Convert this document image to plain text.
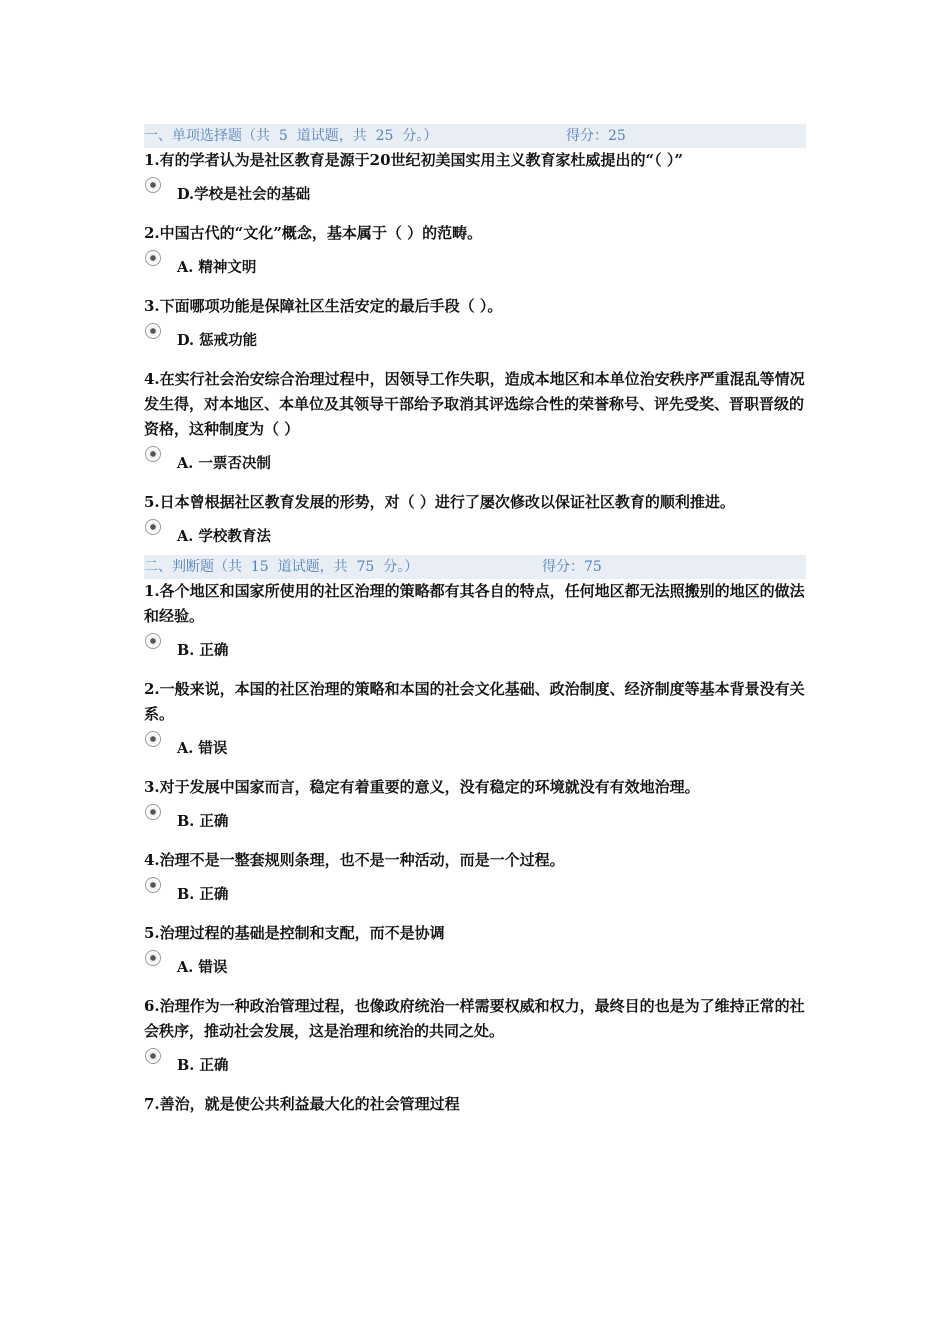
一、单项选择题（共  5  道试题，共  25  分。）	得分：25
1.有的学者认为是社区教育是源于20世纪初美国实用主义教育家杜威提出的“（ ）”
D.学校是社会的基础
2.中国古代的“文化”概念，基本属于（ ）的范畴。
A. 精神文明
3.下面哪项功能是保障社区生活安定的最后手段（ ）。
D. 惩戒功能
4.在实行社会治安综合治理过程中，因领导工作失职，造成本地区和本单位治安秩序严重混乱等情况发生得，对本地区、本单位及其领导干部给予取消其评选综合性的荣誉称号、评先受奖、晋职晋级的资格，这种制度为（ ）
A. 一票否决制
5.日本曾根据社区教育发展的形势，对（ ）进行了屡次修改以保证社区教育的顺利推进。
A. 学校教育法
二、判断题（共  15  道试题，共  75  分。）	得分：75
1.各个地区和国家所使用的社区治理的策略都有其各自的特点，任何地区都无法照搬别的地区的做法和经验。
B. 正确
2.一般来说，本国的社区治理的策略和本国的社会文化基础、政治制度、经济制度等基本背景没有关系。
A. 错误
3.对于发展中国家而言，稳定有着重要的意义，没有稳定的环境就没有有效地治理。
B. 正确
4.治理不是一整套规则条理，也不是一种活动，而是一个过程。
B. 正确
5.治理过程的基础是控制和支配，而不是协调
A. 错误
6.治理作为一种政治管理过程，也像政府统治一样需要权威和权力，最终目的也是为了维持正常的社会秩序，推动社会发展，这是治理和统治的共同之处。
B. 正确
7.善治，就是使公共利益最大化的社会管理过程
